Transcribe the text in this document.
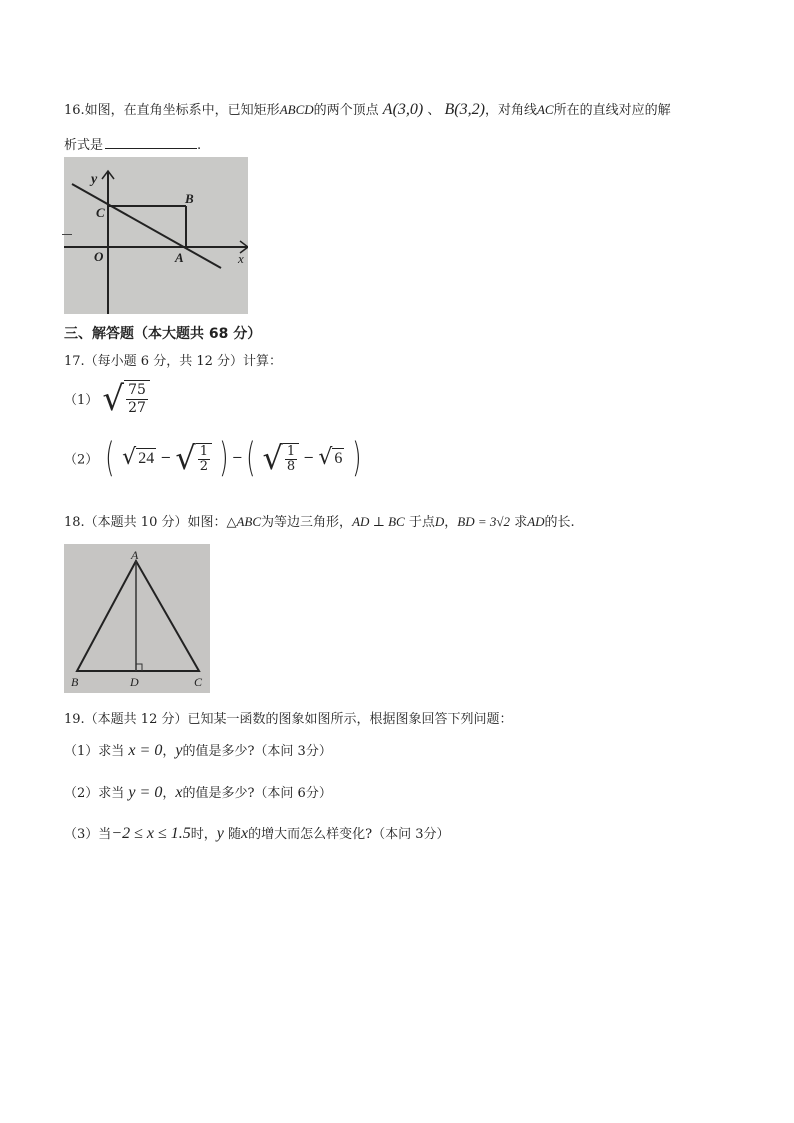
16.如图，在直角坐标系中，已知矩形ABCD的两个顶点 A(3,0) 、 B(3,2)，对角线AC所在的直线对应的解
析式是	.
y
C
B
O	A	x
三、解答题（本大题共 68 分）
17.（每小题 6 分，共 12 分）计算：
（1） √ $\frac{75}{27}$
（2） ( √ 24 − √ $\frac{1}{2}$ ) −( √ $\frac{1}{8}$ − √ 6 )
18.（本题共 10 分）如图：△ABC为等边三角形，AD ⊥ BC 于点D，BD = 3√2 求AD的长.
A
B	D	C
19.（本题共 12 分）已知某一函数的图象如图所示，根据图象回答下列问题：
（1）求当 x = 0，y的值是多少?（本问 3分）
（2）求当 y = 0，x的值是多少?（本问 6分）
（3）当−2 ≤ x ≤ 1.5时，y 随x的增大而怎么样变化?（本问 3分）
